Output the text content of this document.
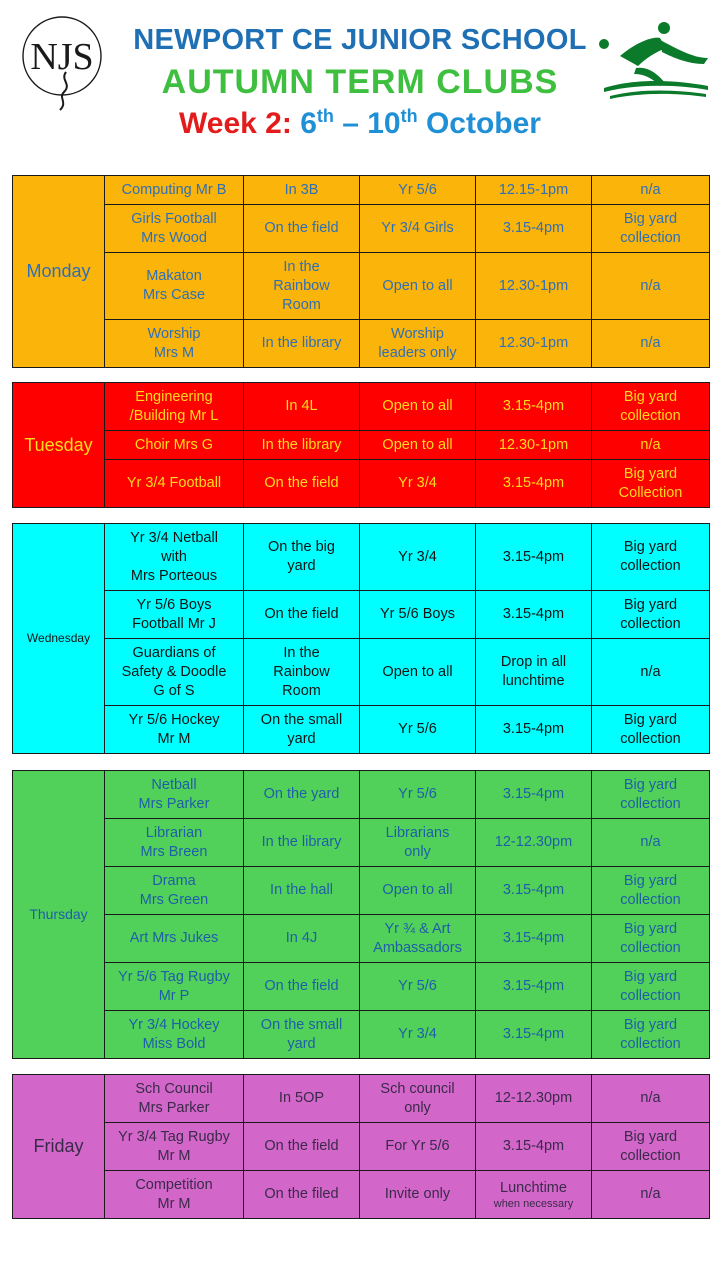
NJS	NEWPORT CE JUNIOR SCHOOL
AUTUMN TERM CLUBS
Week 2: 6th – 10th October
Monday	Computing Mr B	In 3B	Yr 5/6	12.15-1pm	n/a
	Girls Football
Mrs Wood	On the field	Yr 3/4 Girls	3.15-4pm	Big yard
collection
	Makaton
Mrs Case	In the
Rainbow
Room	Open to all	12.30-1pm	n/a
	Worship
Mrs M	In the library	Worship
leaders only	12.30-1pm	n/a
Tuesday	Engineering
/Building Mr L	In 4L	Open to all	3.15-4pm	Big yard
collection
	Choir Mrs G	In the library	Open to all	12.30-1pm	n/a
	Yr 3/4 Football	On the field	Yr 3/4	3.15-4pm	Big yard
Collection
Wednesday	Yr 3/4 Netball
with
Mrs Porteous	On the big
yard	Yr 3/4	3.15-4pm	Big yard
collection
	Yr 5/6 Boys
Football Mr J	On the field	Yr 5/6 Boys	3.15-4pm	Big yard
collection
	Guardians of
Safety & Doodle
G of S	In the
Rainbow
Room	Open to all	Drop in all
lunchtime	n/a
	Yr 5/6 Hockey
Mr M	On the small
yard	Yr 5/6	3.15-4pm	Big yard
collection
Thursday	Netball
Mrs Parker	On the yard	Yr 5/6	3.15-4pm	Big yard
collection
	Librarian
Mrs Breen	In the library	Librarians
only	12-12.30pm	n/a
	Drama
Mrs Green	In the hall	Open to all	3.15-4pm	Big yard
collection
	Art Mrs Jukes	In 4J	Yr ¾ & Art
Ambassadors	3.15-4pm	Big yard
collection
	Yr 5/6 Tag Rugby
Mr P	On the field	Yr 5/6	3.15-4pm	Big yard
collection
	Yr 3/4 Hockey
Miss Bold	On the small
yard	Yr 3/4	3.15-4pm	Big yard
collection
Friday	Sch Council
Mrs Parker	In 5OP	Sch council
only	12-12.30pm	n/a
	Yr 3/4 Tag Rugby
Mr M	On the field	For Yr 5/6	3.15-4pm	Big yard
collection
	Competition
Mr M	On the filed	Invite only	Lunchtime
when necessary	n/a
